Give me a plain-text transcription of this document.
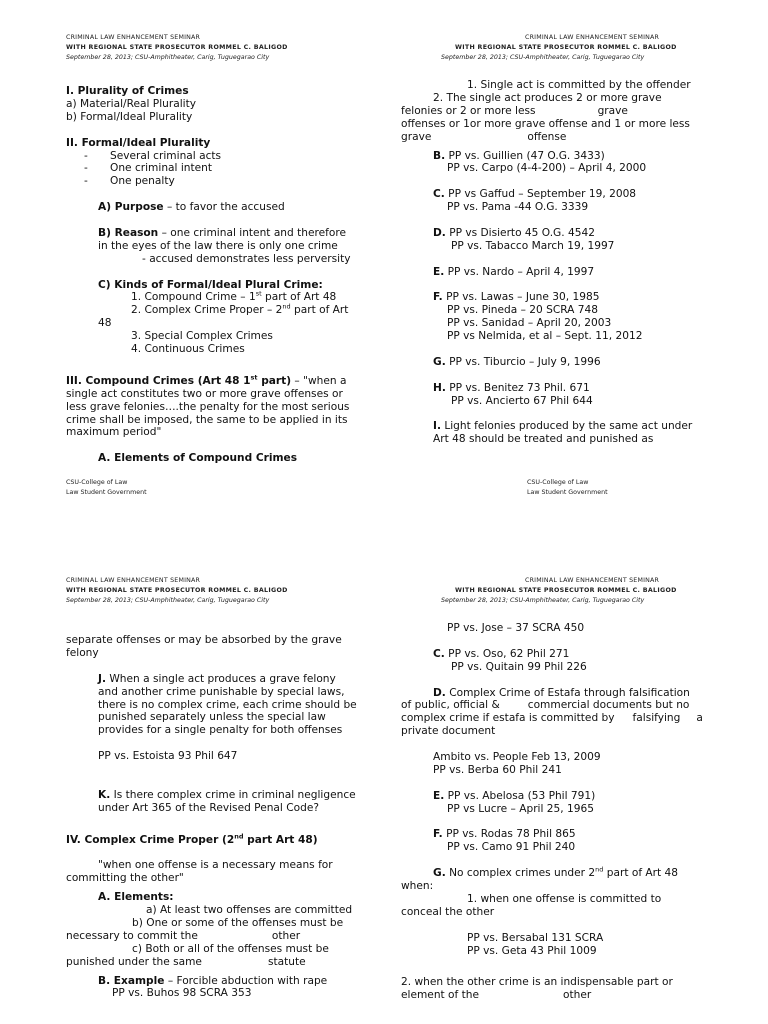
CRIMINAL LAW ENHANCEMENT SEMINAR
WITH REGIONAL STATE PROSECUTOR ROMMEL C. BALIGOD
September 28, 2013; CSU-Amphitheater, Carig, Tuguegarao City
I. Plurality of Crimes
a) Material/Real Plurality
b) Formal/Ideal Plurality
II. Formal/Ideal Plurality
- Several criminal acts
- One criminal intent
- One penalty
A) Purpose – to favor the accused
B) Reason – one criminal intent and therefore
in the eyes of the law there is only one crime
- accused demonstrates less perversity
C) Kinds of Formal/Ideal Plural Crime:
1. Compound Crime – 1st part of Art 48
2. Complex Crime Proper – 2nd part of Art
48
3. Special Complex Crimes
4. Continuous Crimes
III. Compound Crimes (Art 48 1st part) – "when a
single act constitutes two or more grave offenses or
less grave felonies….the penalty for the most serious
crime shall be imposed, the same to be applied in its
maximum period"
A. Elements of Compound Crimes
CSU-College of Law
Law Student Government
CRIMINAL LAW ENHANCEMENT SEMINAR
WITH REGIONAL STATE PROSECUTOR ROMMEL C. BALIGOD
September 28, 2013; CSU-Amphitheater, Carig, Tuguegarao City
1. Single act is committed by the offender
2. The single act produces 2 or more grave
felonies or 2 or more less	grave
offenses or 1or more grave offense and 1 or more less
grave	offense
B. PP vs. Guillien (47 O.G. 3433)
PP vs. Carpo (4-4-200) – April 4, 2000
C. PP vs Gaffud – September 19, 2008
PP vs. Pama -44 O.G. 3339
D. PP vs Disierto 45 O.G. 4542
PP vs. Tabacco March 19, 1997
E. PP vs. Nardo – April 4, 1997
F. PP vs. Lawas – June 30, 1985
PP vs. Pineda – 20 SCRA 748
PP vs. Sanidad – April 20, 2003
PP vs Nelmida, et al – Sept. 11, 2012
G. PP vs. Tiburcio – July 9, 1996
H. PP vs. Benitez 73 Phil. 671
PP vs. Ancierto 67 Phil 644
I. Light felonies produced by the same act under
Art 48 should be treated and punished as
CSU-College of Law
Law Student Government
CRIMINAL LAW ENHANCEMENT SEMINAR
WITH REGIONAL STATE PROSECUTOR ROMMEL C. BALIGOD
September 28, 2013; CSU-Amphitheater, Carig, Tuguegarao City
separate offenses or may be absorbed by the grave
felony
J. When a single act produces a grave felony
and another crime punishable by special laws,
there is no complex crime, each crime should be
punished separately unless the special law
provides for a single penalty for both offenses
PP vs. Estoista 93 Phil 647
K. Is there complex crime in criminal negligence
under Art 365 of the Revised Penal Code?
IV. Complex Crime Proper (2nd part Art 48)
"when one offense is a necessary means for
committing the other"
A. Elements:
a) At least two offenses are committed
b) One or some of the offenses must be
necessary to commit the	other
c) Both or all of the offenses must be
punished under the same	statute
B. Example – Forcible abduction with rape
PP vs. Buhos 98 SCRA 353
CRIMINAL LAW ENHANCEMENT SEMINAR
WITH REGIONAL STATE PROSECUTOR ROMMEL C. BALIGOD
September 28, 2013; CSU-Amphitheater, Carig, Tuguegarao City
PP vs. Jose – 37 SCRA 450
C. PP vs. Oso, 62 Phil 271
PP vs. Quitain 99 Phil 226
D. Complex Crime of Estafa through falsification
of public, official &	commercial documents but no
complex crime if estafa is committed by falsifying a
private document
Ambito vs. People Feb 13, 2009
PP vs. Berba 60 Phil 241
E. PP vs. Abelosa (53 Phil 791)
PP vs Lucre – April 25, 1965
F. PP vs. Rodas 78 Phil 865
PP vs. Camo 91 Phil 240
G. No complex crimes under 2nd part of Art 48
when:
1. when one offense is committed to
conceal the other
PP vs. Bersabal 131 SCRA
PP vs. Geta 43 Phil 1009
2. when the other crime is an indispensable part or
element of the	other
